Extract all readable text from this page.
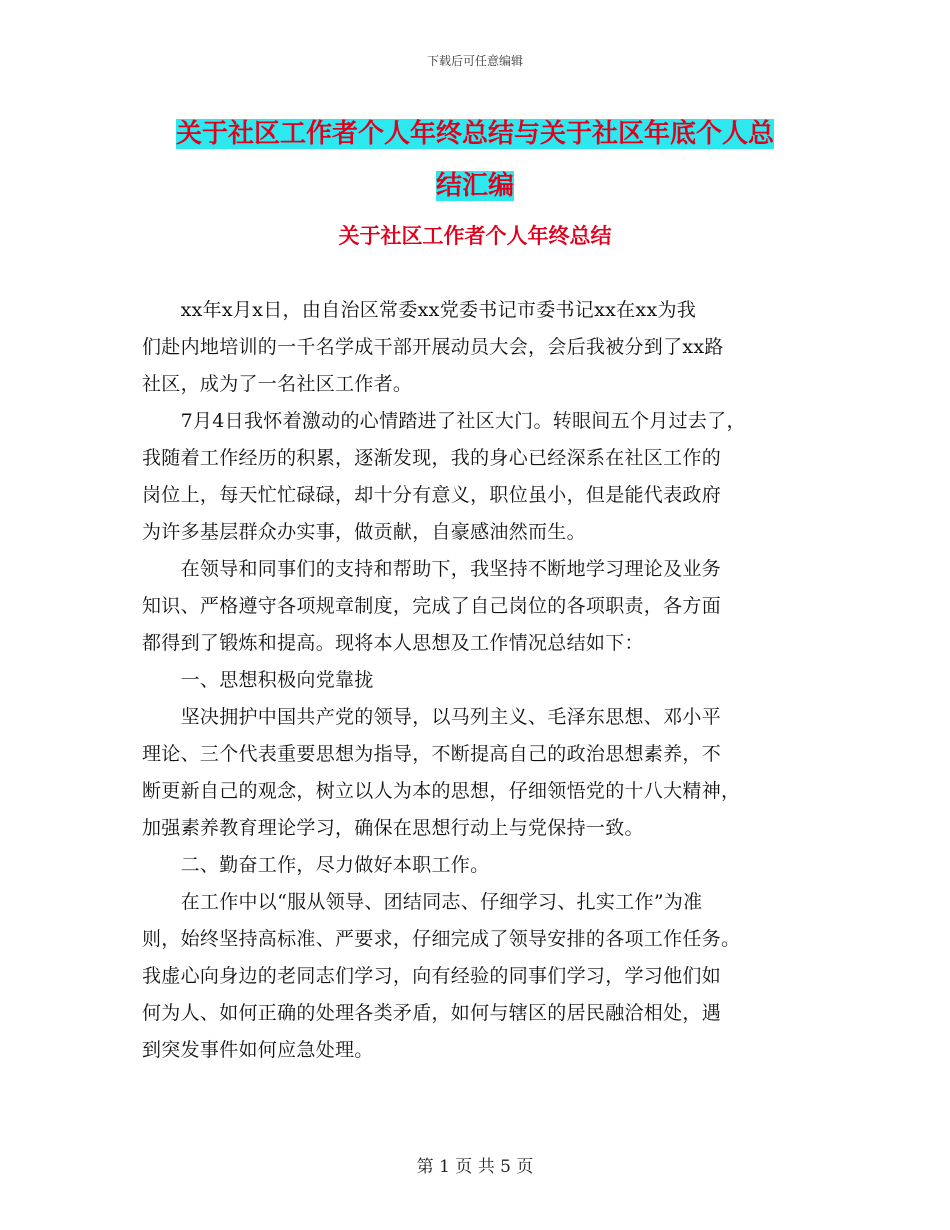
下载后可任意编辑
关于社区工作者个人年终总结与关于社区年底个人总
结汇编
关于社区工作者个人年终总结
　　xx年x月x日，由自治区常委xx党委书记市委书记xx在xx为我
们赴内地培训的一千名学成干部开展动员大会，会后我被分到了xx路
社区，成为了一名社区工作者。
　　7月4日我怀着激动的心情踏进了社区大门。转眼间五个月过去了，
我随着工作经历的积累，逐渐发现，我的身心已经深系在社区工作的
岗位上，每天忙忙碌碌，却十分有意义，职位虽小，但是能代表政府
为许多基层群众办实事，做贡献，自豪感油然而生。
　　在领导和同事们的支持和帮助下，我坚持不断地学习理论及业务
知识、严格遵守各项规章制度，完成了自己岗位的各项职责，各方面
都得到了锻炼和提高。现将本人思想及工作情况总结如下：
　　一、思想积极向党靠拢
　　坚决拥护中国共产党的领导，以马列主义、毛泽东思想、邓小平
理论、三个代表重要思想为指导，不断提高自己的政治思想素养，不
断更新自己的观念，树立以人为本的思想，仔细领悟党的十八大精神，
加强素养教育理论学习，确保在思想行动上与党保持一致。
　　二、勤奋工作，尽力做好本职工作。
　　在工作中以“服从领导、团结同志、仔细学习、扎实工作”为准
则，始终坚持高标准、严要求，仔细完成了领导安排的各项工作任务。
我虚心向身边的老同志们学习，向有经验的同事们学习，学习他们如
何为人、如何正确的处理各类矛盾，如何与辖区的居民融洽相处，遇
到突发事件如何应急处理。
第 1 页 共 5 页
